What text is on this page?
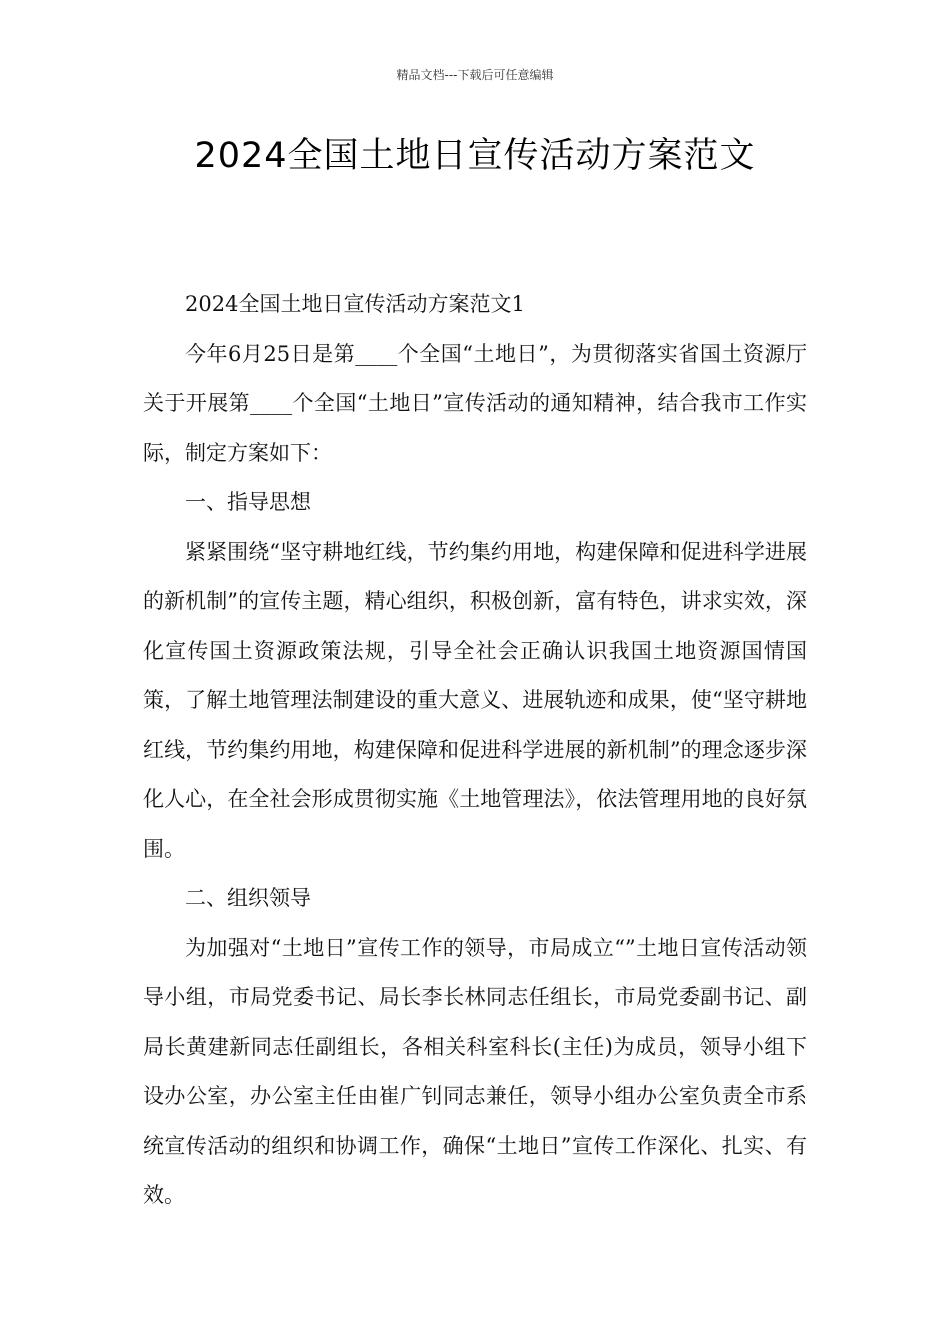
精品文档---下载后可任意编辑
2024全国土地日宣传活动方案范文

2024全国土地日宣传活动方案范文1

今年6月25日是第____个全国“土地日”，为贯彻落实省国土资源厅关于开展第____个全国“土地日”宣传活动的通知精神，结合我市工作实际，制定方案如下：

一、指导思想

紧紧围绕“坚守耕地红线，节约集约用地，构建保障和促进科学进展的新机制”的宣传主题，精心组织，积极创新，富有特色，讲求实效，深化宣传国土资源政策法规，引导全社会正确认识我国土地资源国情国策，了解土地管理法制建设的重大意义、进展轨迹和成果，使“坚守耕地红线，节约集约用地，构建保障和促进科学进展的新机制”的理念逐步深化人心，在全社会形成贯彻实施《土地管理法》，依法管理用地的良好氛围。

二、组织领导

为加强对“土地日”宣传工作的领导，市局成立“”土地日宣传活动领导小组，市局党委书记、局长李长林同志任组长，市局党委副书记、副局长黄建新同志任副组长，各相关科室科长(主任)为成员，领导小组下设办公室，办公室主任由崔广钊同志兼任，领导小组办公室负责全市系统宣传活动的组织和协调工作，确保“土地日”宣传工作深化、扎实、有效。
